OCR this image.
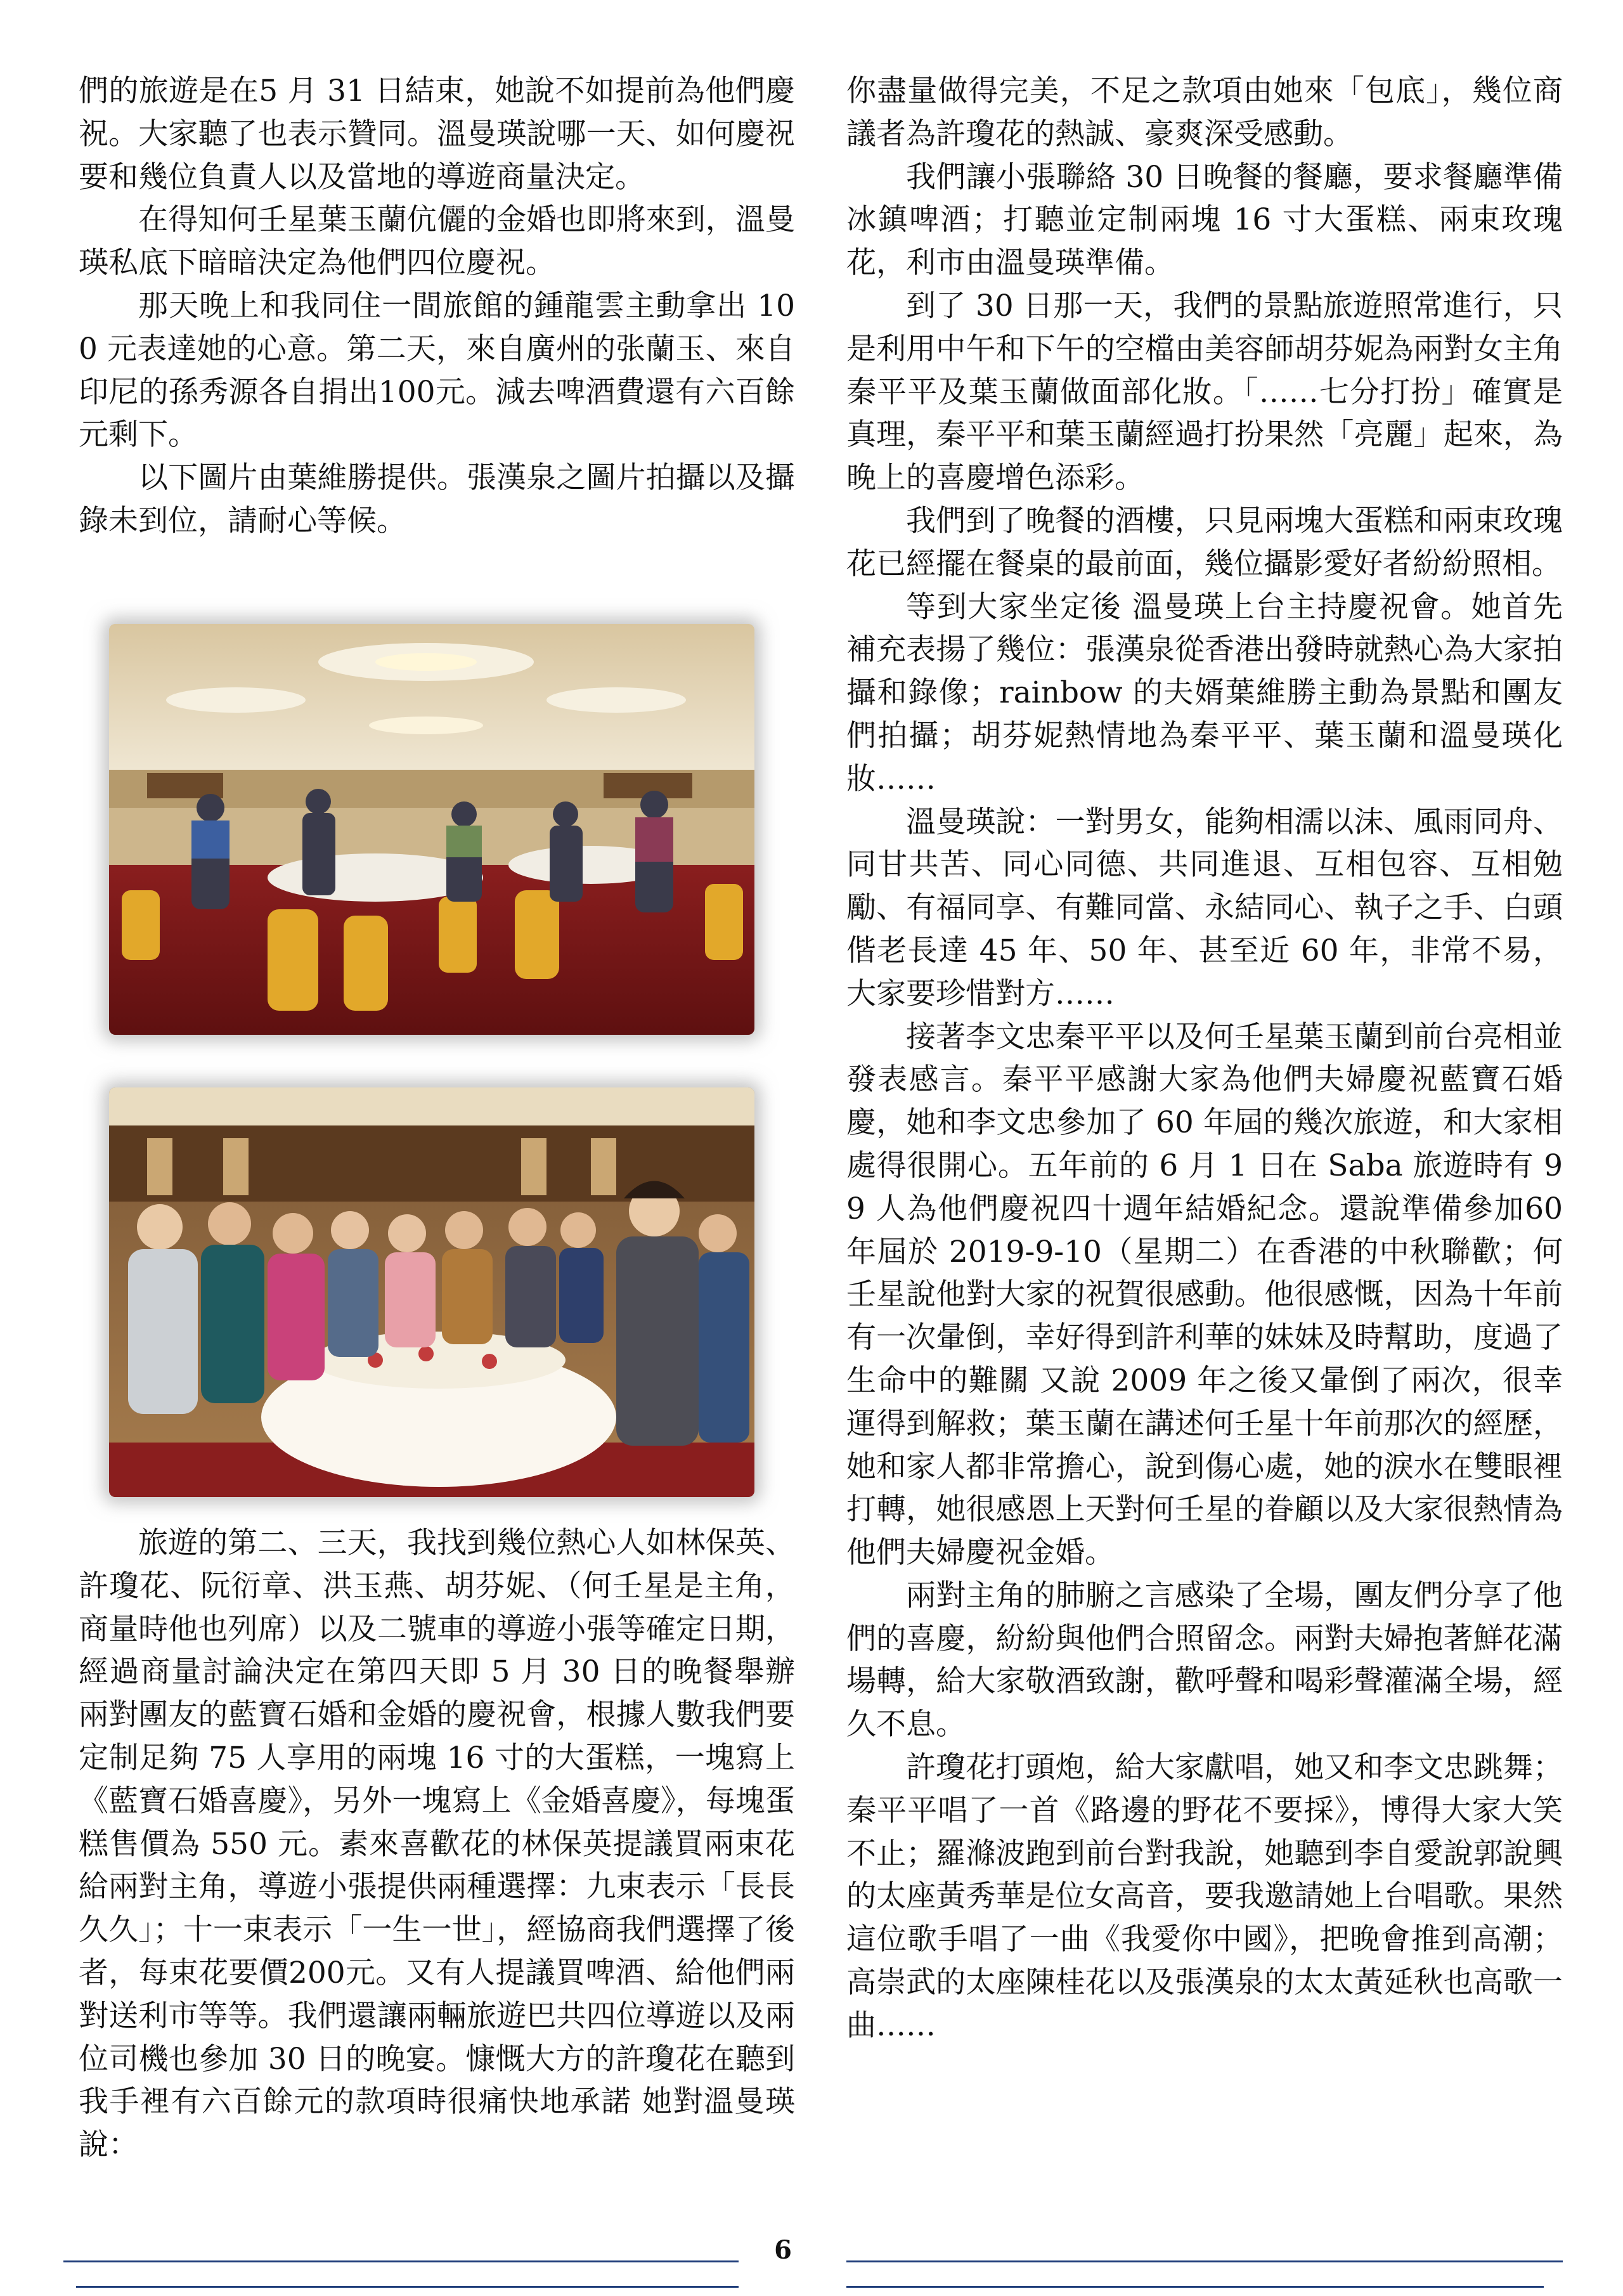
們的旅遊是在5 月 31 日結束，她說不如提前為他們慶祝。大家聽了也表示贊同。溫曼瑛說哪一天、如何慶祝要和幾位負責人以及當地的導遊商量決定。

在得知何壬星葉玉蘭伉儷的金婚也即將來到，溫曼瑛私底下暗暗決定為他們四位慶祝。

那天晚上和我同住一間旅館的鍾龍雲主動拿出 100 元表達她的心意。第二天，來自廣州的张蘭玉、來自印尼的孫秀源各自捐出100元。減去啤酒費還有六百餘元剩下。

以下圖片由葉維勝提供。張漢泉之圖片拍攝以及攝錄未到位，請耐心等候。

旅遊的第二、三天，我找到幾位熱心人如林保英、許瓊花、阮衍章、洪玉燕、胡芬妮、（何壬星是主角，商量時他也列席）以及二號車的導遊小張等確定日期，經過商量討論決定在第四天即 5 月 30 日的晚餐舉辦兩對團友的藍寶石婚和金婚的慶祝會，根據人數我們要定制足夠 75 人享用的兩塊 16 寸的大蛋糕，一塊寫上《藍寶石婚喜慶》，另外一塊寫上《金婚喜慶》，每塊蛋糕售價為 550 元。素來喜歡花的林保英提議買兩束花給兩對主角，導遊小張提供兩種選擇：九束表示「長長久久」；十一束表示「一生一世」，經協商我們選擇了後者，每束花要價200元。又有人提議買啤酒、給他們兩對送利市等等。我們還讓兩輛旅遊巴共四位導遊以及兩位司機也參加 30 日的晚宴。慷慨大方的許瓊花在聽到我手裡有六百餘元的款項時很痛快地承諾 她對溫曼瑛說：

你盡量做得完美，不足之款項由她來「包底」，幾位商議者為許瓊花的熱誠、豪爽深受感動。

我們讓小張聯絡 30 日晚餐的餐廳，要求餐廳準備冰鎮啤酒；打聽並定制兩塊 16 寸大蛋糕、兩束玫瑰花，利市由溫曼瑛準備。

到了 30 日那一天，我們的景點旅遊照常進行，只是利用中午和下午的空檔由美容師胡芬妮為兩對女主角秦平平及葉玉蘭做面部化妝。「……七分打扮」確實是真理，秦平平和葉玉蘭經過打扮果然「亮麗」起來，為晚上的喜慶增色添彩。

我們到了晚餐的酒樓，只見兩塊大蛋糕和兩束玫瑰花已經擺在餐桌的最前面，幾位攝影愛好者紛紛照相。

等到大家坐定後 溫曼瑛上台主持慶祝會。她首先補充表揚了幾位：張漢泉從香港出發時就熱心為大家拍攝和錄像；rainbow 的夫婿葉維勝主動為景點和團友們拍攝；胡芬妮熱情地為秦平平、葉玉蘭和溫曼瑛化妝……

溫曼瑛說：一對男女，能夠相濡以沫、風雨同舟、同甘共苦、同心同德、共同進退、互相包容、互相勉勵、有福同享、有難同當、永結同心、執子之手、白頭偕老長達 45 年、50 年、甚至近 60 年，非常不易，大家要珍惜對方……

接著李文忠秦平平以及何壬星葉玉蘭到前台亮相並發表感言。秦平平感謝大家為他們夫婦慶祝藍寶石婚慶，她和李文忠參加了 60 年屆的幾次旅遊，和大家相處得很開心。五年前的 6 月 1 日在 Saba 旅遊時有 99 人為他們慶祝四十週年結婚紀念。還說準備參加60年屆於 2019-9-10（星期二）在香港的中秋聯歡；何壬星說他對大家的祝賀很感動。他很感慨，因為十年前有一次暈倒，幸好得到許利華的妹妹及時幫助，度過了生命中的難關 又說 2009 年之後又暈倒了兩次，很幸運得到解救；葉玉蘭在講述何壬星十年前那次的經歷，她和家人都非常擔心，說到傷心處，她的淚水在雙眼裡打轉，她很感恩上天對何壬星的眷顧以及大家很熱情為他們夫婦慶祝金婚。

兩對主角的肺腑之言感染了全場，團友們分享了他們的喜慶，紛紛與他們合照留念。兩對夫婦抱著鮮花滿場轉，給大家敬酒致謝，歡呼聲和喝彩聲灌滿全場，經久不息。

許瓊花打頭炮，給大家獻唱，她又和李文忠跳舞；秦平平唱了一首《路邊的野花不要採》，博得大家大笑不止；羅滌波跑到前台對我說，她聽到李自愛說郭說興的太座黃秀華是位女高音，要我邀請她上台唱歌。果然這位歌手唱了一曲《我愛你中國》，把晚會推到高潮；高崇武的太座陳桂花以及張漢泉的太太黃延秋也高歌一曲……

6
